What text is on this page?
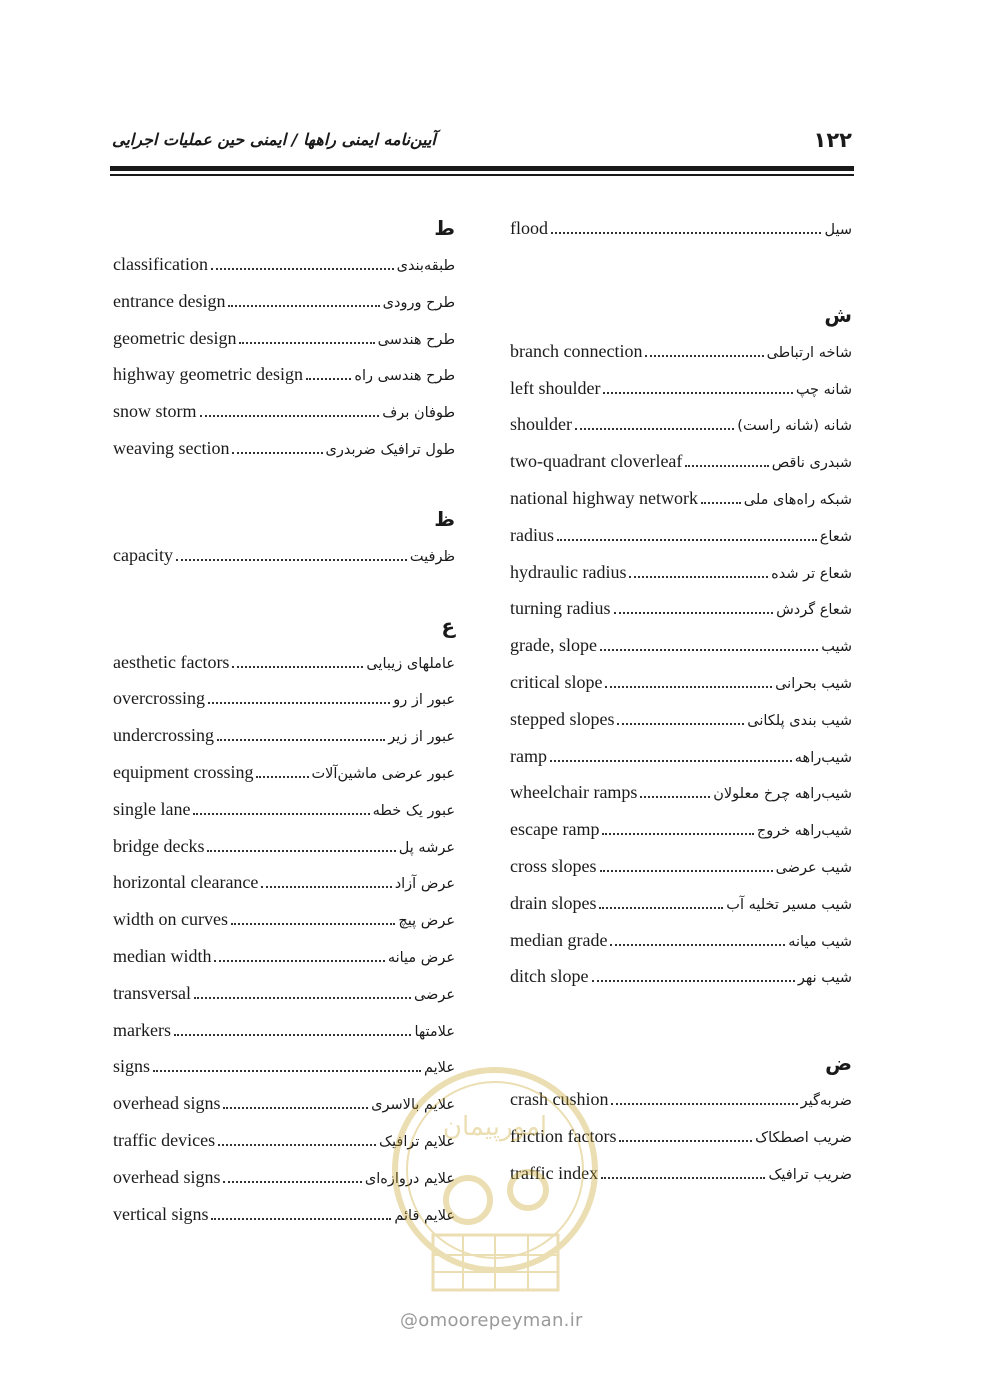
۱۲۲
آیین‌نامه ایمنی راهها / ایمنی حین عملیات اجرایی
flood	سیل
ش
branch connection	شاخه ارتباطی
left shoulder	شانه چپ
shoulder	شانه (شانه راست)
two-quadrant cloverleaf	شبدری ناقص
national highway network	شبکه راه‌های ملی
radius	شعاع
hydraulic radius	شعاع تر شده
turning radius	شعاع گردش
grade, slope	شیب
critical slope	شیب بحرانی
stepped slopes	شیب بندی پلکانی
ramp	شیب‌راهه
wheelchair ramps	شیب‌راهه چرخ معلولان
escape ramp	شیب‌راهه خروج
cross slopes	شیب عرضی
drain slopes	شیب مسیر تخلیه آب
median grade	شیب میانه
ditch slope	شیب نهر
ض
crash cushion	ضربه‌گیر
friction factors	ضریب اصطکاک
traffic index	ضریب ترافیک
ط
classification	طبقه‌بندی
entrance design	طرح ورودی
geometric design	طرح هندسی
highway geometric design	طرح هندسی راه
snow storm	طوفان برف
weaving section	طول ترافیک ضربدری
ظ
capacity	ظرفیت
ع
aesthetic factors	عاملهای زیبایی
overcrossing	عبور از رو
undercrossing	عبور از زیر
equipment crossing	عبور عرضی ماشین‌آلات
single lane	عبور یک خطه
bridge decks	عرشه پل
horizontal clearance	عرض آزاد
width on curves	عرض پیچ
median width	عرض میانه
transversal	عرضی
markers	علامتها
signs	علایم
overhead signs	علایم بالاسری
traffic devices	علایم ترافیک
overhead signs	علایم دروازه‌ای
vertical signs	علایم قائم
امورپیمان
@omoorepeyman.ir
